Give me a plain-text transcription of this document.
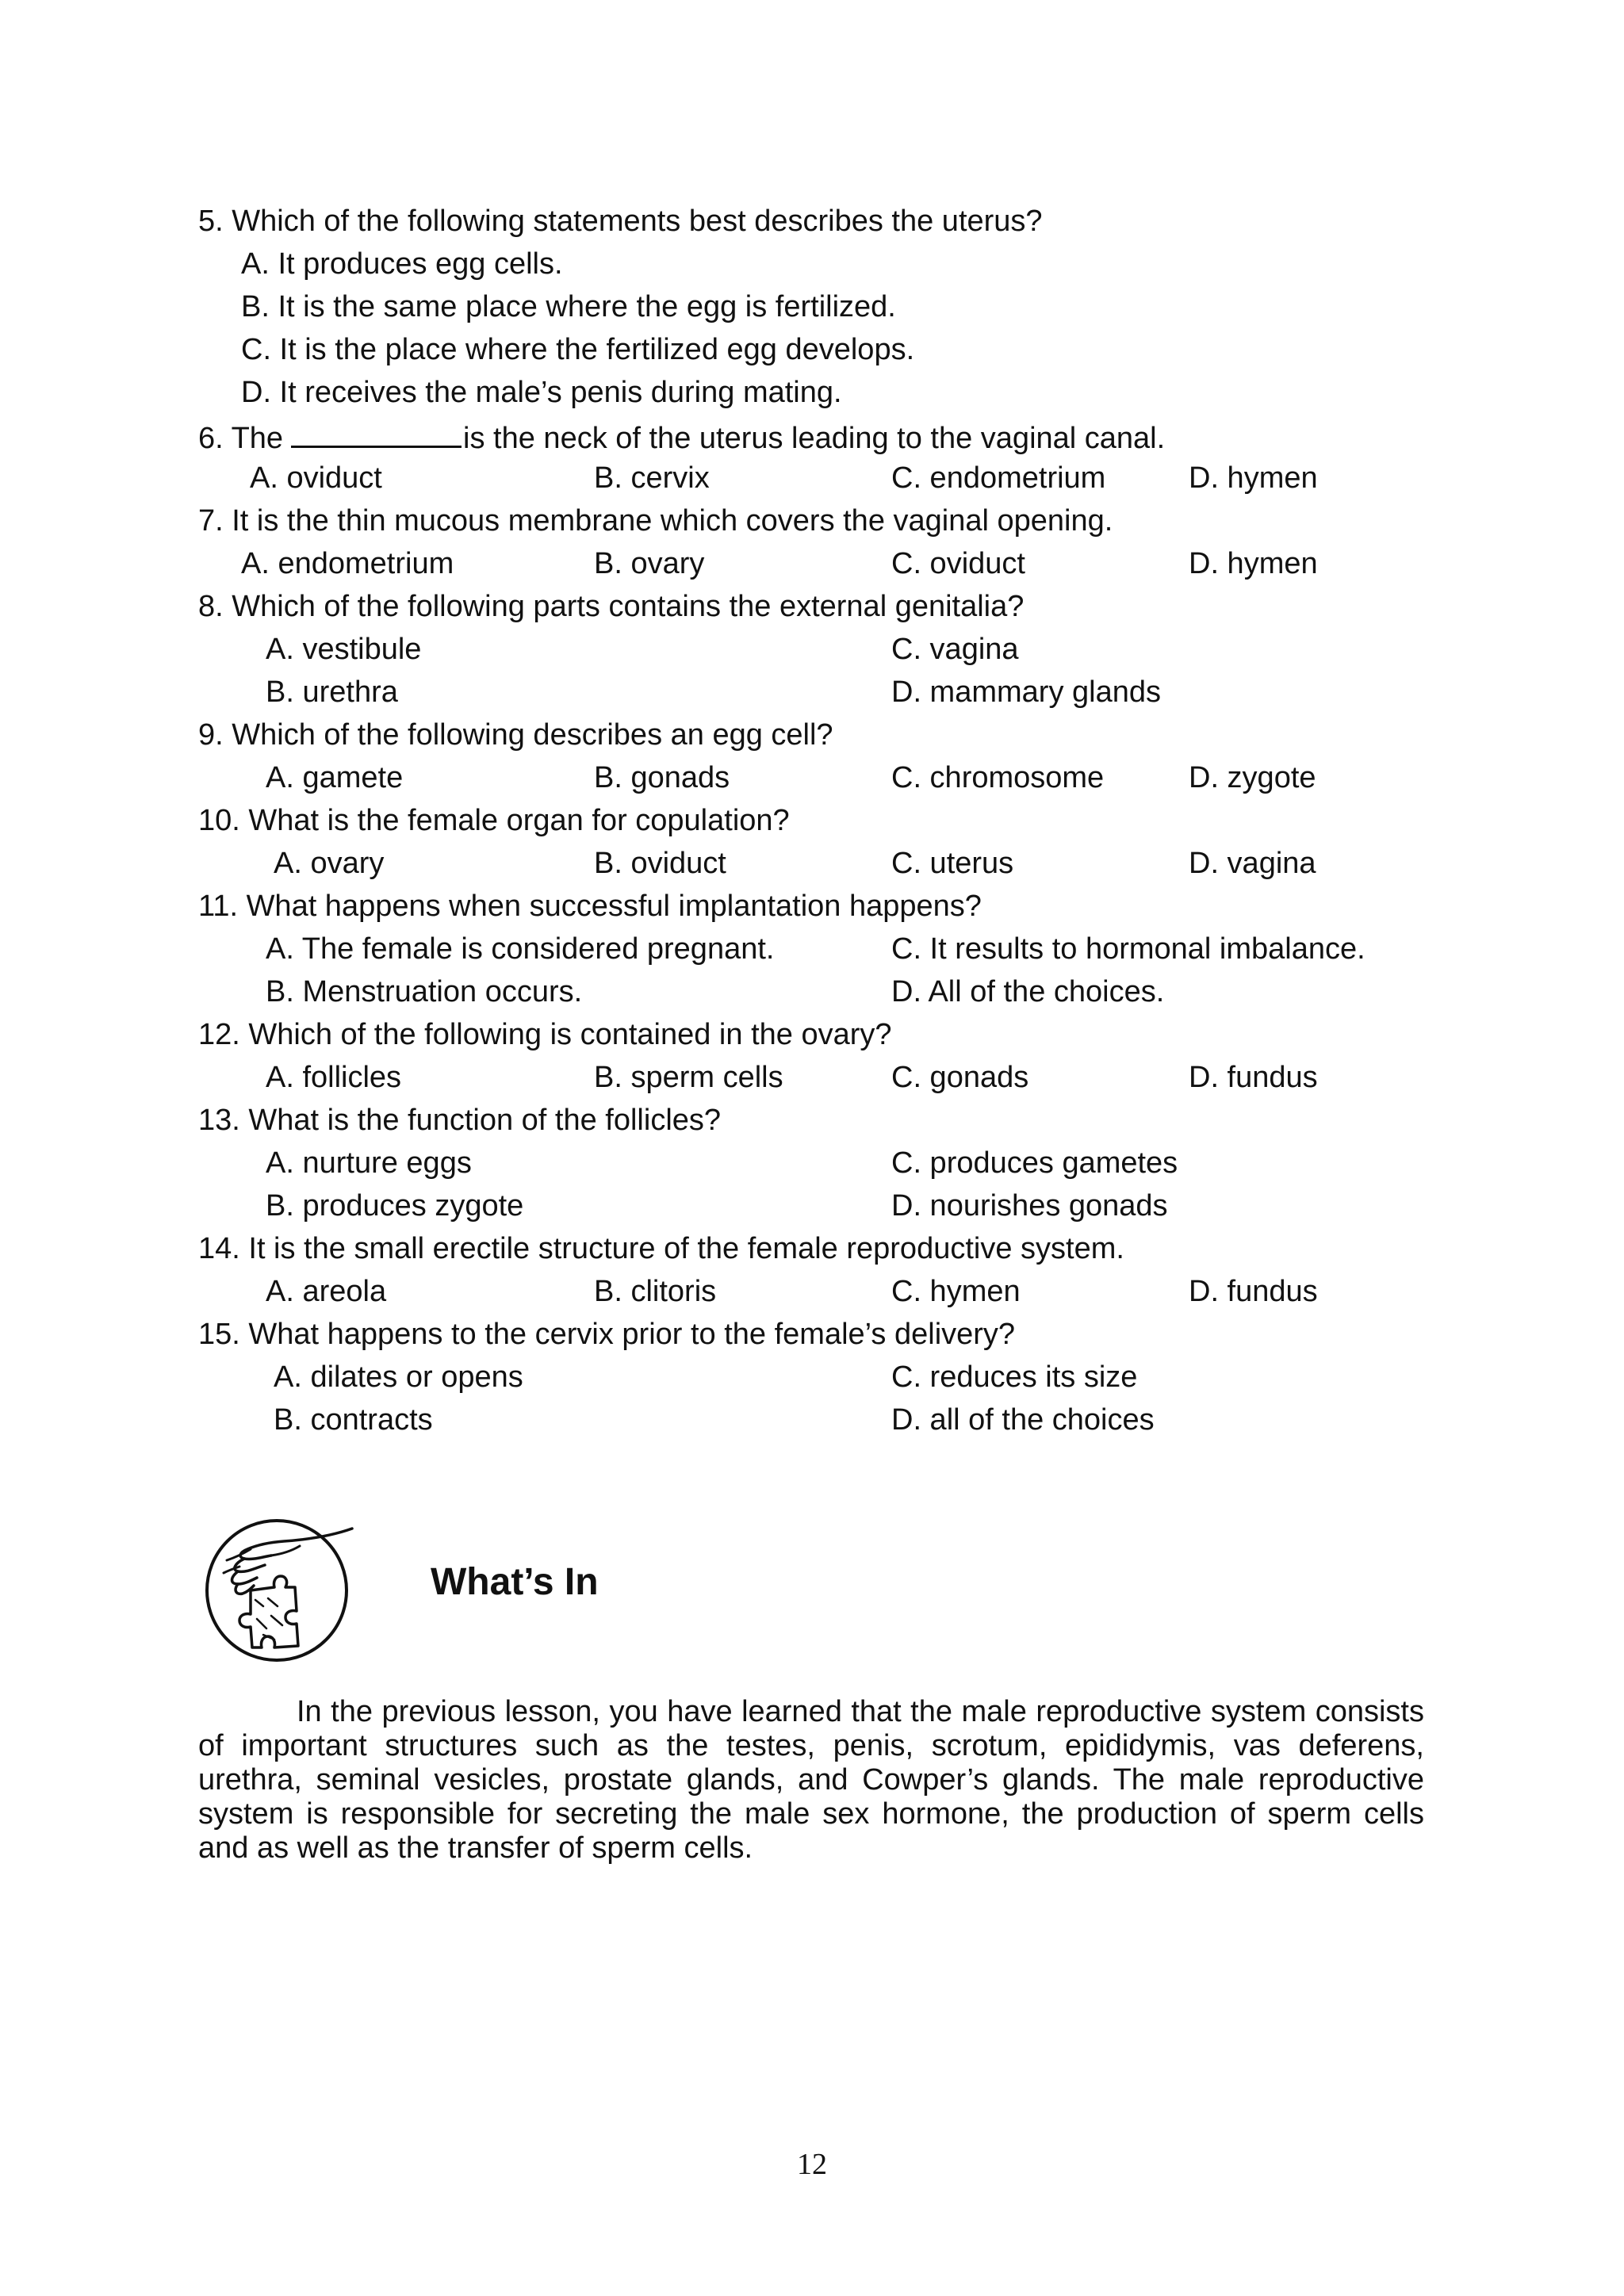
5. Which of the following statements best describes the uterus?
A. It produces egg cells.
B. It is the same place where the egg is fertilized.
C. It is the place where the fertilized egg develops.
D. It receives the male’s penis during mating.
6. The	is the neck of the uterus leading to the vaginal canal.
A. oviduct	B. cervix	C. endometrium	D. hymen
7. It is the thin mucous membrane which covers the vaginal opening.
A. endometrium	B. ovary	C. oviduct	D. hymen
8. Which of the following parts contains the external genitalia?
A. vestibule
B. urethra
C. vagina
D. mammary glands
9. Which of the following describes an egg cell?
A. gamete	B. gonads	C. chromosome	D. zygote
10. What is the female organ for copulation?
A. ovary	B. oviduct	C. uterus	D. vagina
11. What happens when successful implantation happens?
A. The female is considered pregnant.
B. Menstruation occurs.
C. It results to hormonal imbalance.
D. All of the choices.
12. Which of the following is contained in the ovary?
A. follicles	B. sperm cells	C. gonads	D. fundus
13. What is the function of the follicles?
A. nurture eggs
B. produces zygote
C. produces gametes
D. nourishes gonads
14. It is the small erectile structure of the female reproductive system.
A. areola	B. clitoris	C. hymen	D. fundus
15. What happens to the cervix prior to the female’s delivery?
A. dilates or opens
B. contracts
C. reduces its size
D. all of the choices
What’s In
In the previous lesson, you have learned that the male reproductive system consists of important structures such as the testes, penis, scrotum, epididymis, vas deferens, urethra, seminal vesicles, prostate glands, and Cowper’s glands. The male reproductive system is responsible for secreting the male sex hormone, the production of sperm cells and as well as the transfer of sperm cells.
12
